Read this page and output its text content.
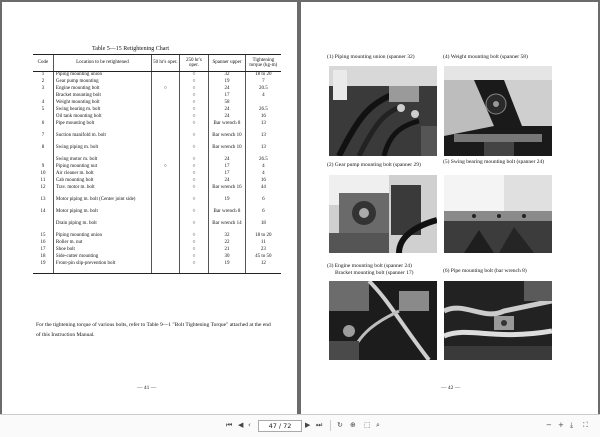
Table 5—15 Retightening Chart
Code	Location to be retightened	50 hr's oper.	250 hr's oper.	Spanner upper	Tightening torque (kg-m)
1	Piping mounting union		○	32	18 to 20
2	Gear pump mounting		○	19	7
3	Engine mounting bolt	○	○	24	20.5
	Bracket mounting bolt		○	17	4
4	Weight mounting bolt		○	58	
5	Swing bearing m. bolt		○	24	26.5
	Oil tank mounting bolt		○	24	16
6	Pipe mounting bolt		○	Bar wrench 8	13
7	Suction manifold m. bolt		○	Bar wrench 10	13
8	Swing piping m. bolt		○	Bar wrench 10	13
	Swing motor m. bolt		○	24	26.5
9	Piping mounting nut	○	○	17	4
10	Air cleaner m. bolt		○	17	4
11	Cab mounting bolt		○	24	16
12	Trav. motor m. bolt		○	Bar wrench 16	44
13	Motor piping m. bolt (Center joint side)		○	19	6
14	Motor piping m. bolt		○	Bar wrench 8	6
	Drain piping m. bolt		○	Bar wrench 14	18
15	Piping mounting union		○	32	18 to 20
16	Roller m. nut		○	22	11
17	Shoe bolt		○	21	23
18	Side-cutter mounting		○	30	45 to 50
19	Front-pin slip-prevention bolt		○	19	12
For the tightening torque of various bolts, refer to Table 9—1 "Bolt Tightening Torque" attached at the end of this Instruction Manual.
— 41 —
(1) Piping mounting union (spanner 32)	(4) Weight mounting bolt (spanner 58)
(2) Gear pump mounting bolt (spanner 29)	(5) Swing bearing mounting bolt (spanner 24)
(3) Engine mounting bolt (spanner 24)
Bracket mounting bolt (spanner 17)	(6) Pipe mounting bolt (bar wrench 8)
— 42 —
⏮ ◀ ‹	47 / 72	▶ ⏭ ↻ ⊕ ⬚ ⌕	− + ⤓ ⛶
